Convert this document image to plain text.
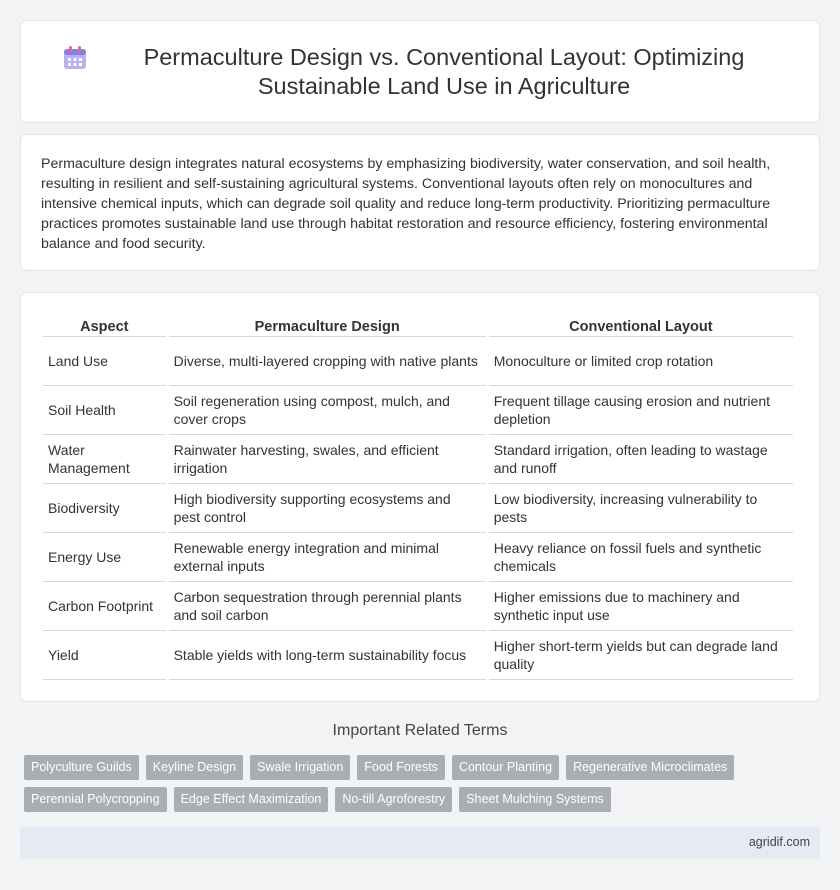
Permaculture Design vs. Conventional Layout: Optimizing Sustainable Land Use in Agriculture

Permaculture design integrates natural ecosystems by emphasizing biodiversity, water conservation, and soil health, resulting in resilient and self-sustaining agricultural systems. Conventional layouts often rely on monocultures and intensive chemical inputs, which can degrade soil quality and reduce long-term productivity. Prioritizing permaculture practices promotes sustainable land use through habitat restoration and resource efficiency, fostering environmental balance and food security.

Aspect	Permaculture Design	Conventional Layout
Land Use	Diverse, multi-layered cropping with native plants	Monoculture or limited crop rotation
Soil Health	Soil regeneration using compost, mulch, and cover crops	Frequent tillage causing erosion and nutrient depletion
Water Management	Rainwater harvesting, swales, and efficient irrigation	Standard irrigation, often leading to wastage and runoff
Biodiversity	High biodiversity supporting ecosystems and pest control	Low biodiversity, increasing vulnerability to pests
Energy Use	Renewable energy integration and minimal external inputs	Heavy reliance on fossil fuels and synthetic chemicals
Carbon Footprint	Carbon sequestration through perennial plants and soil carbon	Higher emissions due to machinery and synthetic input use
Yield	Stable yields with long-term sustainability focus	Higher short-term yields but can degrade land quality
Important Related Terms
Polyculture Guilds	Keyline Design	Swale Irrigation	Food Forests	Contour Planting	Regenerative Microclimates
Perennial Polycropping	Edge Effect Maximization	No-till Agroforestry	Sheet Mulching Systems
agridif.com
